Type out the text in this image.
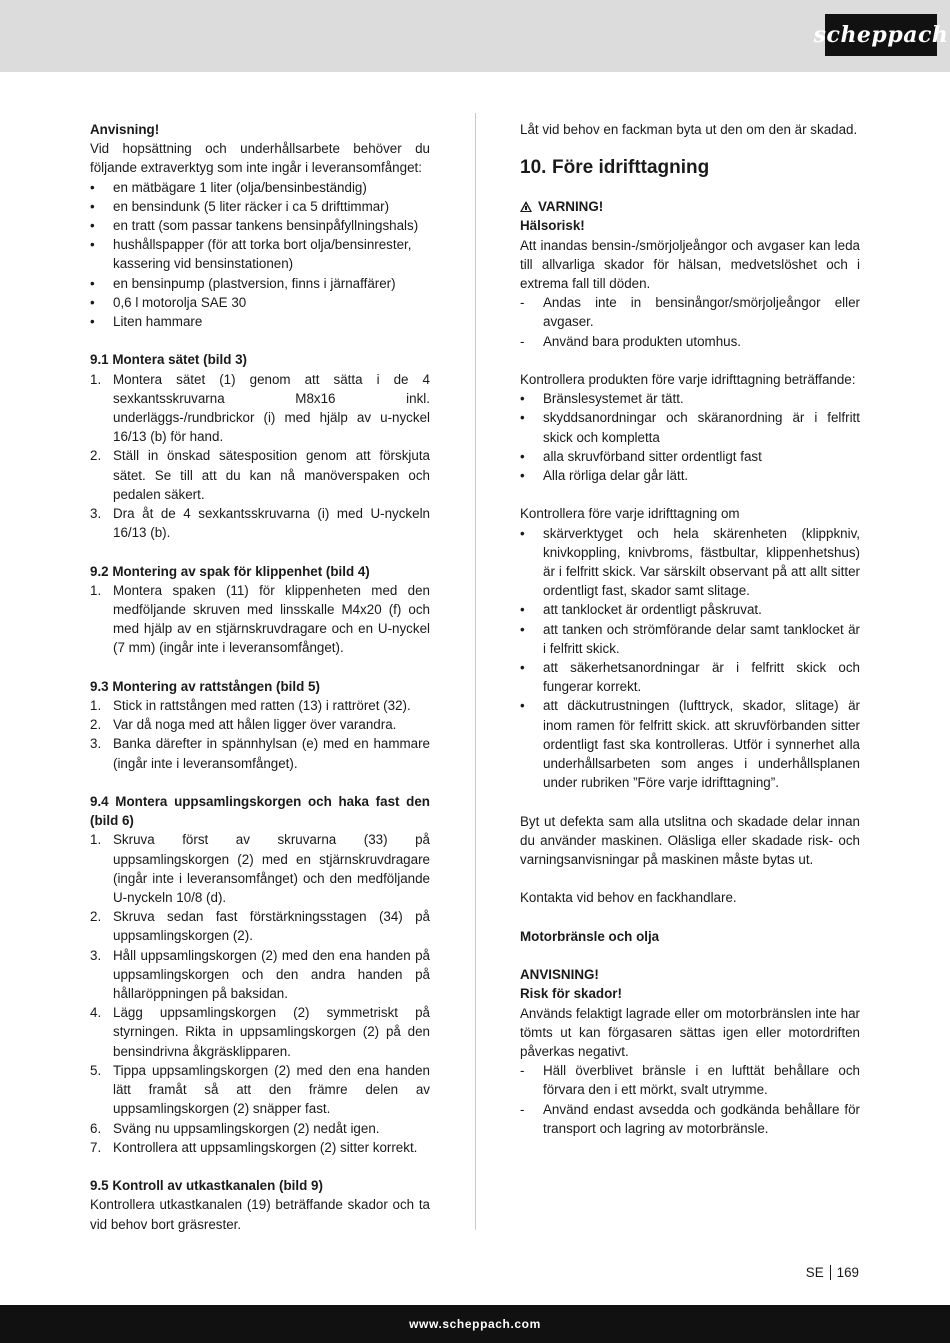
scheppach

Anvisning!

Vid hopsättning och underhållsarbete behöver du följande extraverktyg som inte ingår i leveransomfånget:

• en mätbägare 1 liter (olja/bensinbeständig)
• en bensindunk (5 liter räcker i ca 5 drifttimmar)
• en tratt (som passar tankens bensinpåfyllningshals)
• hushållspapper (för att torka bort olja/bensinrester, kassering vid bensinstationen)
• en bensinpump (plastversion, finns i järnaffärer)
• 0,6 l motorolja SAE 30
• Liten hammare

9.1 Montera sätet (bild 3)

1. Montera sätet (1) genom att sätta i de 4 sexkantsskruvarna M8x16 inkl. underläggs-/rundbrickor (i) med hjälp av u-nyckel 16/13 (b) för hand.
2. Ställ in önskad sätesposition genom att förskjuta sätet. Se till att du kan nå manöverspaken och pedalen säkert.
3. Dra åt de 4 sexkantsskruvarna (i) med U-nyckeln 16/13 (b).

9.2 Montering av spak för klippenhet (bild 4)

1. Montera spaken (11) för klippenheten med den medföljande skruven med linsskalle M4x20 (f) och med hjälp av en stjärnskruvdragare och en U-nyckel (7 mm) (ingår inte i leveransomfånget).

9.3 Montering av rattstången (bild 5)

1. Stick in rattstången med ratten (13) i rattröret (32).
2. Var då noga med att hålen ligger över varandra.
3. Banka därefter in spännhylsan (e) med en hammare (ingår inte i leveransomfånget).

9.4 Montera uppsamlingskorgen och haka fast den (bild 6)

1. Skruva först av skruvarna (33) på uppsamlingskorgen (2) med en stjärnskruvdragare (ingår inte i leveransomfånget) och den medföljande U-nyckeln 10/8 (d).
2. Skruva sedan fast förstärkningsstagen (34) på uppsamlingskorgen (2).
3. Håll uppsamlingskorgen (2) med den ena handen på uppsamlingskorgen och den andra handen på hållaröppningen på baksidan.
4. Lägg uppsamlingskorgen (2) symmetriskt på styrningen. Rikta in uppsamlingskorgen (2) på den bensindrivna åkgräsklipparen.
5. Tippa uppsamlingskorgen (2) med den ena handen lätt framåt så att den främre delen av uppsamlingskorgen (2) snäpper fast.
6. Sväng nu uppsamlingskorgen (2) nedåt igen.
7. Kontrollera att uppsamlingskorgen (2) sitter korrekt.

9.5 Kontroll av utkastkanalen (bild 9)

Kontrollera utkastkanalen (19) beträffande skador och ta vid behov bort gräsrester.

Låt vid behov en fackman byta ut den om den är skadad.

10. Före idrifttagning

VARNING!

Hälsorisk!

Att inandas bensin-/smörjoljeångor och avgaser kan leda till allvarliga skador för hälsan, medvetslöshet och i extrema fall till döden.

- Andas inte in bensinångor/smörjoljeångor eller avgaser.
- Använd bara produkten utomhus.

Kontrollera produkten före varje idrifttagning beträffande:

• Bränslesystemet är tätt.
• skyddsanordningar och skäranordning är i felfritt skick och kompletta
• alla skruvförband sitter ordentligt fast
• Alla rörliga delar går lätt.

Kontrollera före varje idrifttagning om

• skärverktyget och hela skärenheten (klippkniv, knivkoppling, knivbroms, fästbultar, klippenhetshus) är i felfritt skick. Var särskilt observant på att allt sitter ordentligt fast, skador samt slitage.
• att tanklocket är ordentligt påskruvat.
• att tanken och strömförande delar samt tanklocket är i felfritt skick.
• att säkerhetsanordningar är i felfritt skick och fungerar korrekt.
• att däckutrustningen (lufttryck, skador, slitage) är inom ramen för felfritt skick. att skruvförbanden sitter ordentligt fast ska kontrolleras. Utför i synnerhet alla underhållsarbeten som anges i underhållsplanen under rubriken ”Före varje idrifttagning”.

Byt ut defekta sam alla utslitna och skadade delar innan du använder maskinen. Oläsliga eller skadade risk- och varningsanvisningar på maskinen måste bytas ut.

Kontakta vid behov en fackhandlare.

Motorbränsle och olja

ANVISNING!

Risk för skador!

Används felaktigt lagrade eller om motorbränslen inte har tömts ut kan förgasaren sättas igen eller motordriften påverkas negativt.

- Häll överblivet bränsle i en lufttät behållare och förvara den i ett mörkt, svalt utrymme.
- Använd endast avsedda och godkända behållare för transport och lagring av motorbränsle.
SE 169
www.scheppach.com
